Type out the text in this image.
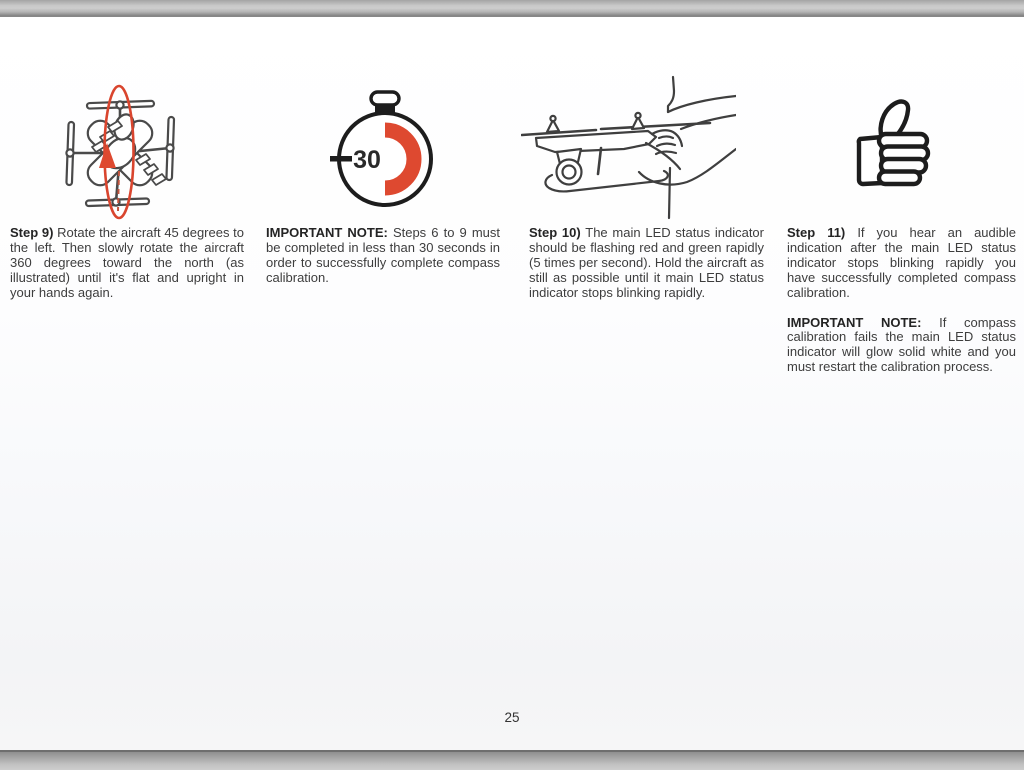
30

Step 9) Rotate the aircraft 45 degrees to the left. Then slowly rotate the aircraft 360 degrees toward the north (as illustrated) until it's flat and upright in your hands again.

IMPORTANT NOTE: Steps 6 to 9 must be completed in less than 30 seconds in order to successfully complete compass calibration.

Step 10) The main LED status indicator should be flashing red and green rapidly (5 times per second). Hold the aircraft as still as possible until it main LED status indicator stops blinking rapidly.

Step 11) If you hear an audible indication after the main LED status indicator stops blinking rapidly you have successfully completed compass calibration.

IMPORTANT NOTE: If compass calibration fails the main LED status indicator will glow solid white and you must restart the calibration process.

25
